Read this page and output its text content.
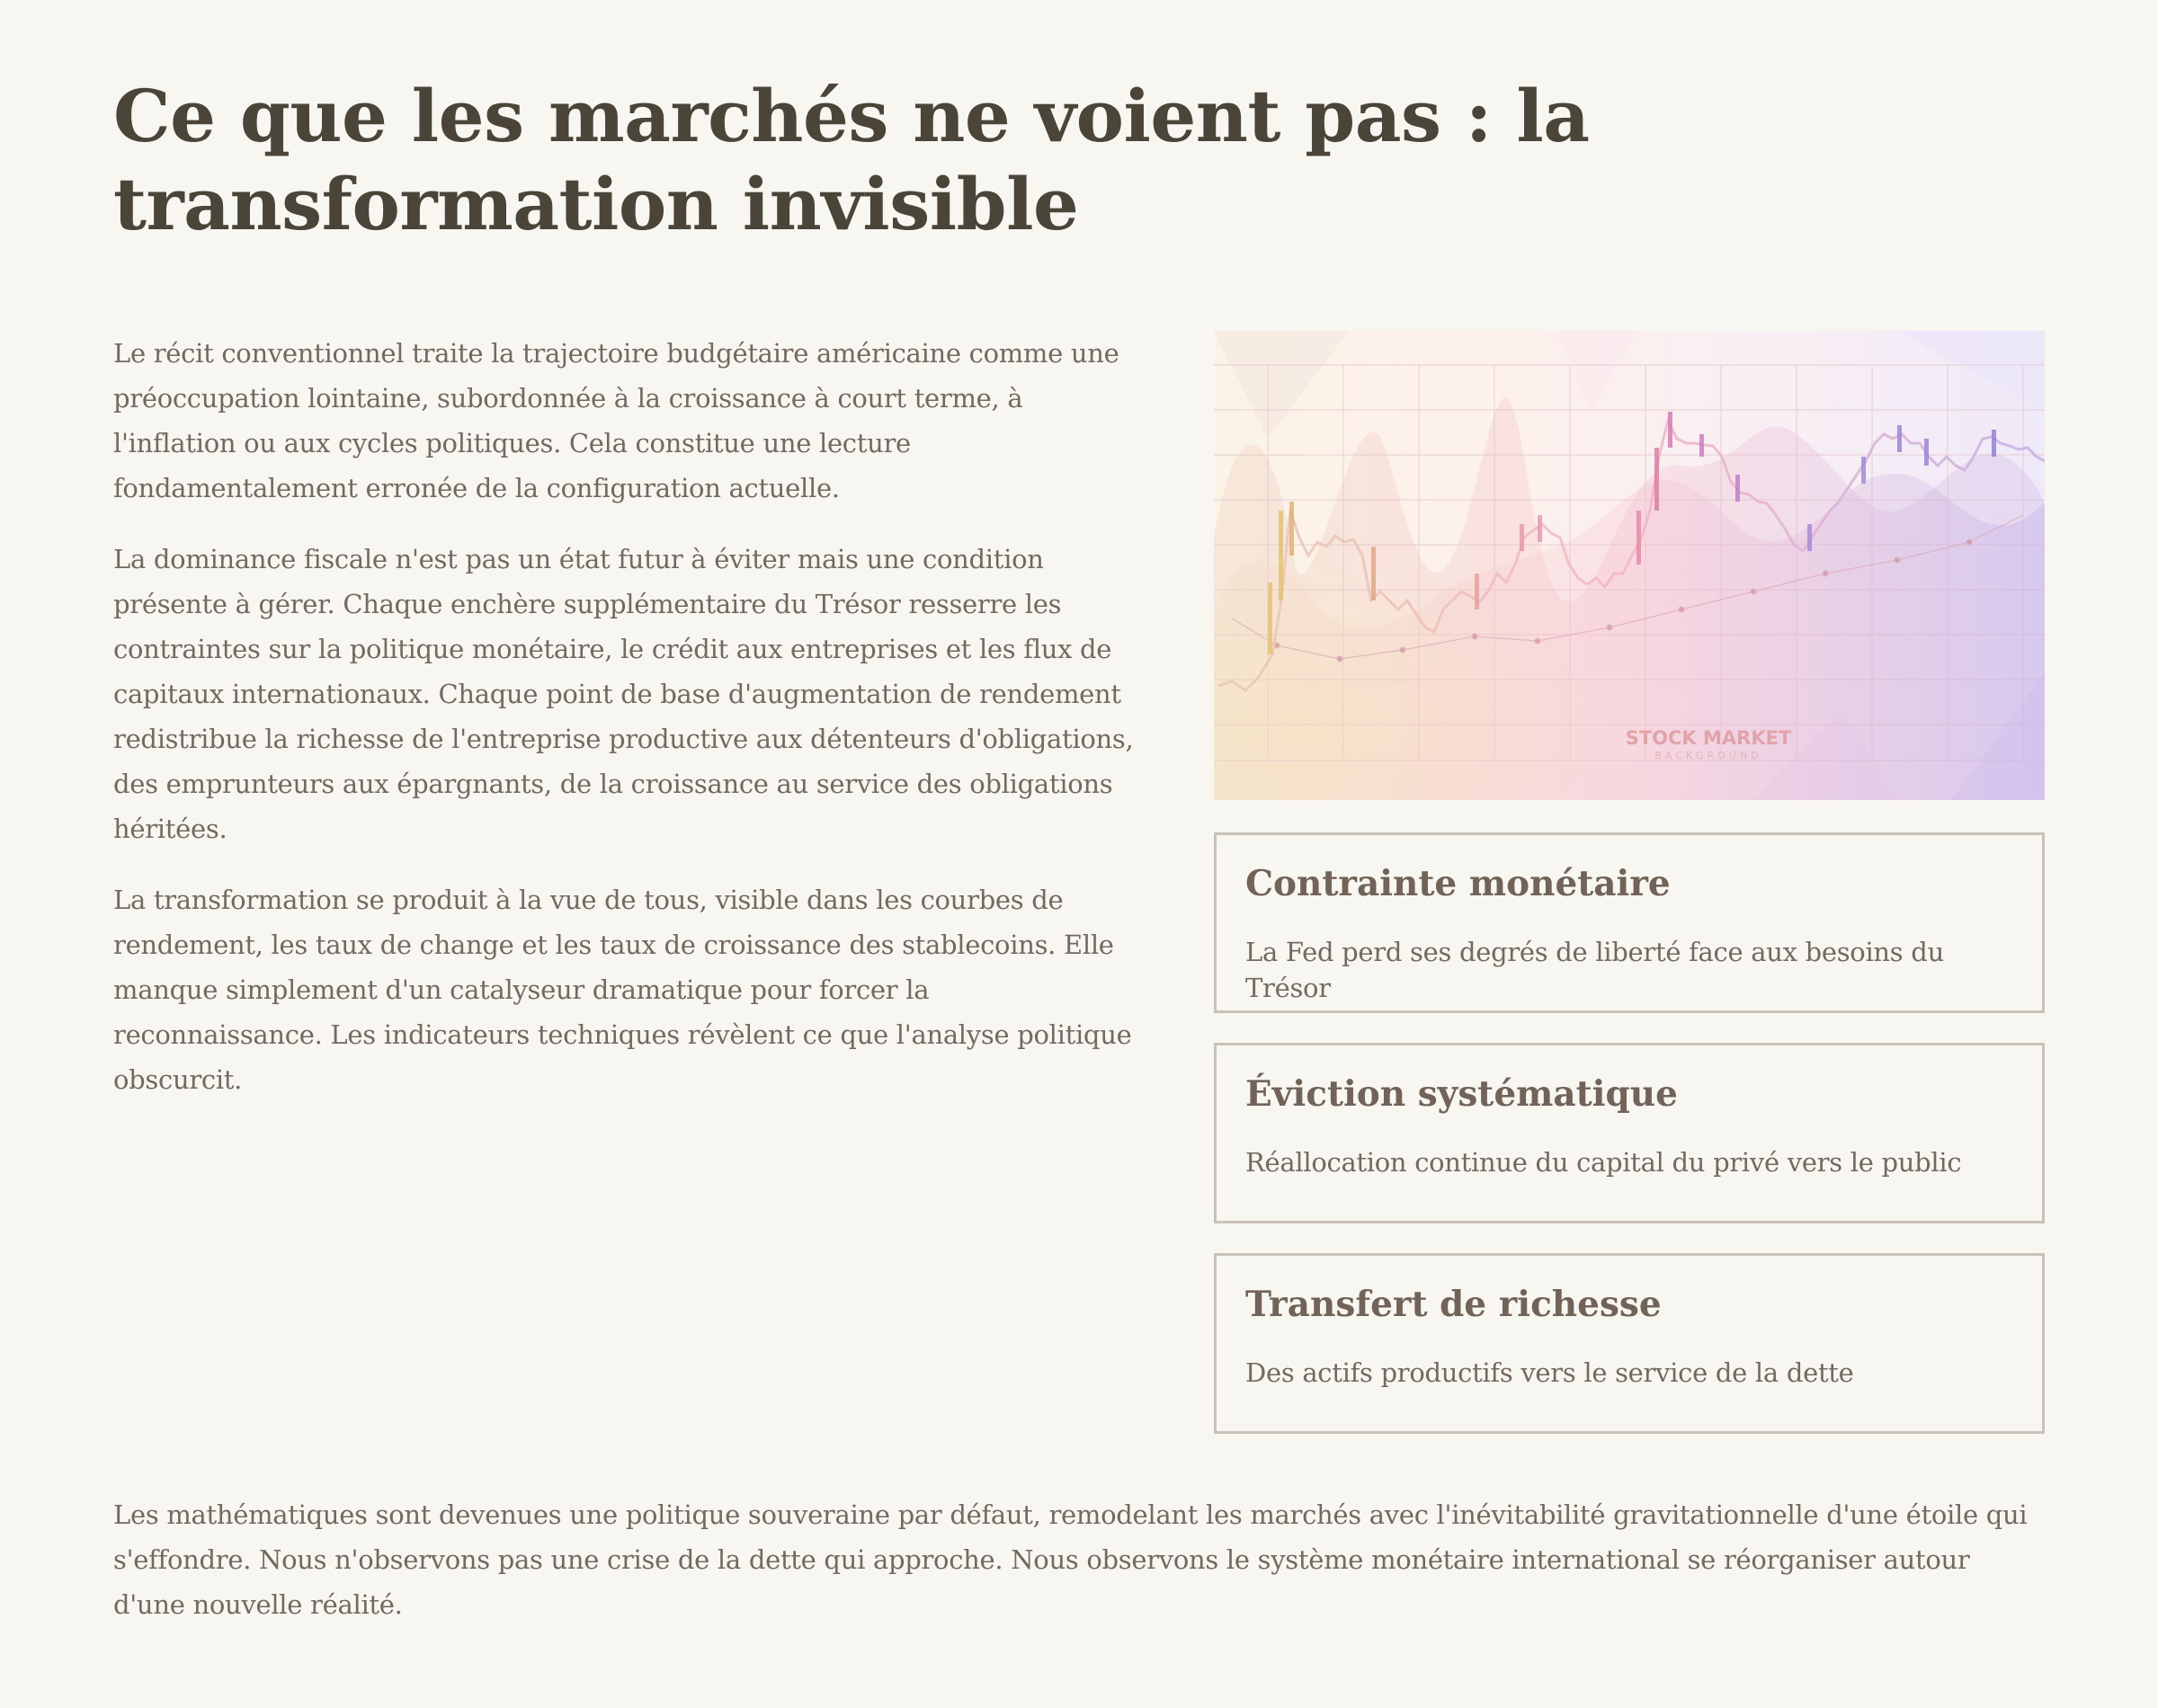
Ce que les marchés ne voient pas : la transformation invisible

Le récit conventionnel traite la trajectoire budgétaire américaine comme une préoccupation lointaine, subordonnée à la croissance à court terme, à l'inflation ou aux cycles politiques. Cela constitue une lecture fondamentalement erronée de la configuration actuelle.

La dominance fiscale n'est pas un état futur à éviter mais une condition présente à gérer. Chaque enchère supplémentaire du Trésor resserre les contraintes sur la politique monétaire, le crédit aux entreprises et les flux de capitaux internationaux. Chaque point de base d'augmentation de rendement redistribue la richesse de l'entreprise productive aux détenteurs d'obligations, des emprunteurs aux épargnants, de la croissance au service des obligations héritées.

La transformation se produit à la vue de tous, visible dans les courbes de rendement, les taux de change et les taux de croissance des stablecoins. Elle manque simplement d'un catalyseur dramatique pour forcer la reconnaissance. Les indicateurs techniques révèlent ce que l'analyse politique obscurcit.

STOCK MARKET
BACKGROUND
Contrainte monétaire

La Fed perd ses degrés de liberté face aux besoins du Trésor

Éviction systématique

Réallocation continue du capital du privé vers le public

Transfert de richesse

Des actifs productifs vers le service de la dette

Les mathématiques sont devenues une politique souveraine par défaut, remodelant les marchés avec l'inévitabilité gravitationnelle d'une étoile qui s'effondre. Nous n'observons pas une crise de la dette qui approche. Nous observons le système monétaire international se réorganiser autour d'une nouvelle réalité.
